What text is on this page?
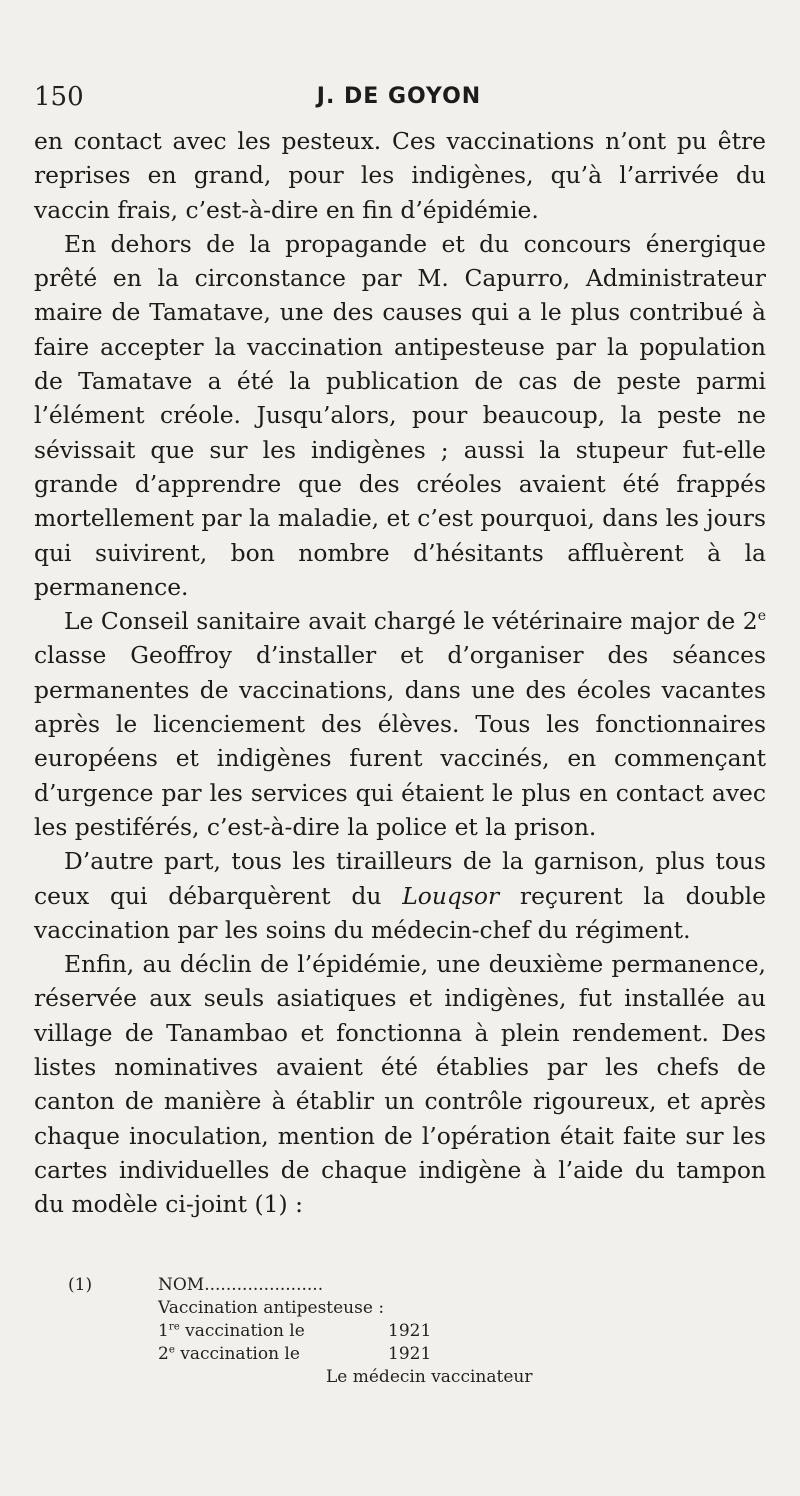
150	J. DE GOYON

en contact avec les pesteux. Ces vaccinations n’ont pu être reprises en grand, pour les indigènes, qu’à l’arrivée du vaccin frais, c’est-à-dire en fin d’épidémie.

En dehors de la propagande et du concours énergique prêté en la circonstance par M. Capurro, Administrateur maire de Tamatave, une des causes qui a le plus contribué à faire accepter la vaccination antipesteuse par la population de Tamatave a été la publication de cas de peste parmi l’élément créole. Jusqu’alors, pour beaucoup, la peste ne sévissait que sur les indigènes ; aussi la stupeur fut-elle grande d’apprendre que des créoles avaient été frappés mortellement par la maladie, et c’est pourquoi, dans les jours qui suivirent, bon nombre d’hésitants affluèrent à la permanence.

Le Conseil sanitaire avait chargé le vétérinaire major de 2e classe Geoffroy d’installer et d’organiser des séances permanentes de vaccinations, dans une des écoles vacantes après le licenciement des élèves. Tous les fonctionnaires européens et indigènes furent vaccinés, en commençant d’urgence par les services qui étaient le plus en contact avec les pestiférés, c’est-à-dire la police et la prison.

D’autre part, tous les tirailleurs de la garnison, plus tous ceux qui débarquèrent du Louqsor reçurent la double vaccination par les soins du médecin-chef du régiment.

Enfin, au déclin de l’épidémie, une deuxième permanence, réservée aux seuls asiatiques et indigènes, fut installée au village de Tanambao et fonctionna à plein rendement. Des listes nominatives avaient été établies par les chefs de canton de manière à établir un contrôle rigoureux, et après chaque inoculation, mention de l’opération était faite sur les cartes individuelles de chaque indigène à l’aide du tampon du modèle ci-joint (1) :

(1)	NOM......................
Vaccination antipesteuse :
1re vaccination le	1921
2e vaccination le	1921
Le médecin vaccinateur
